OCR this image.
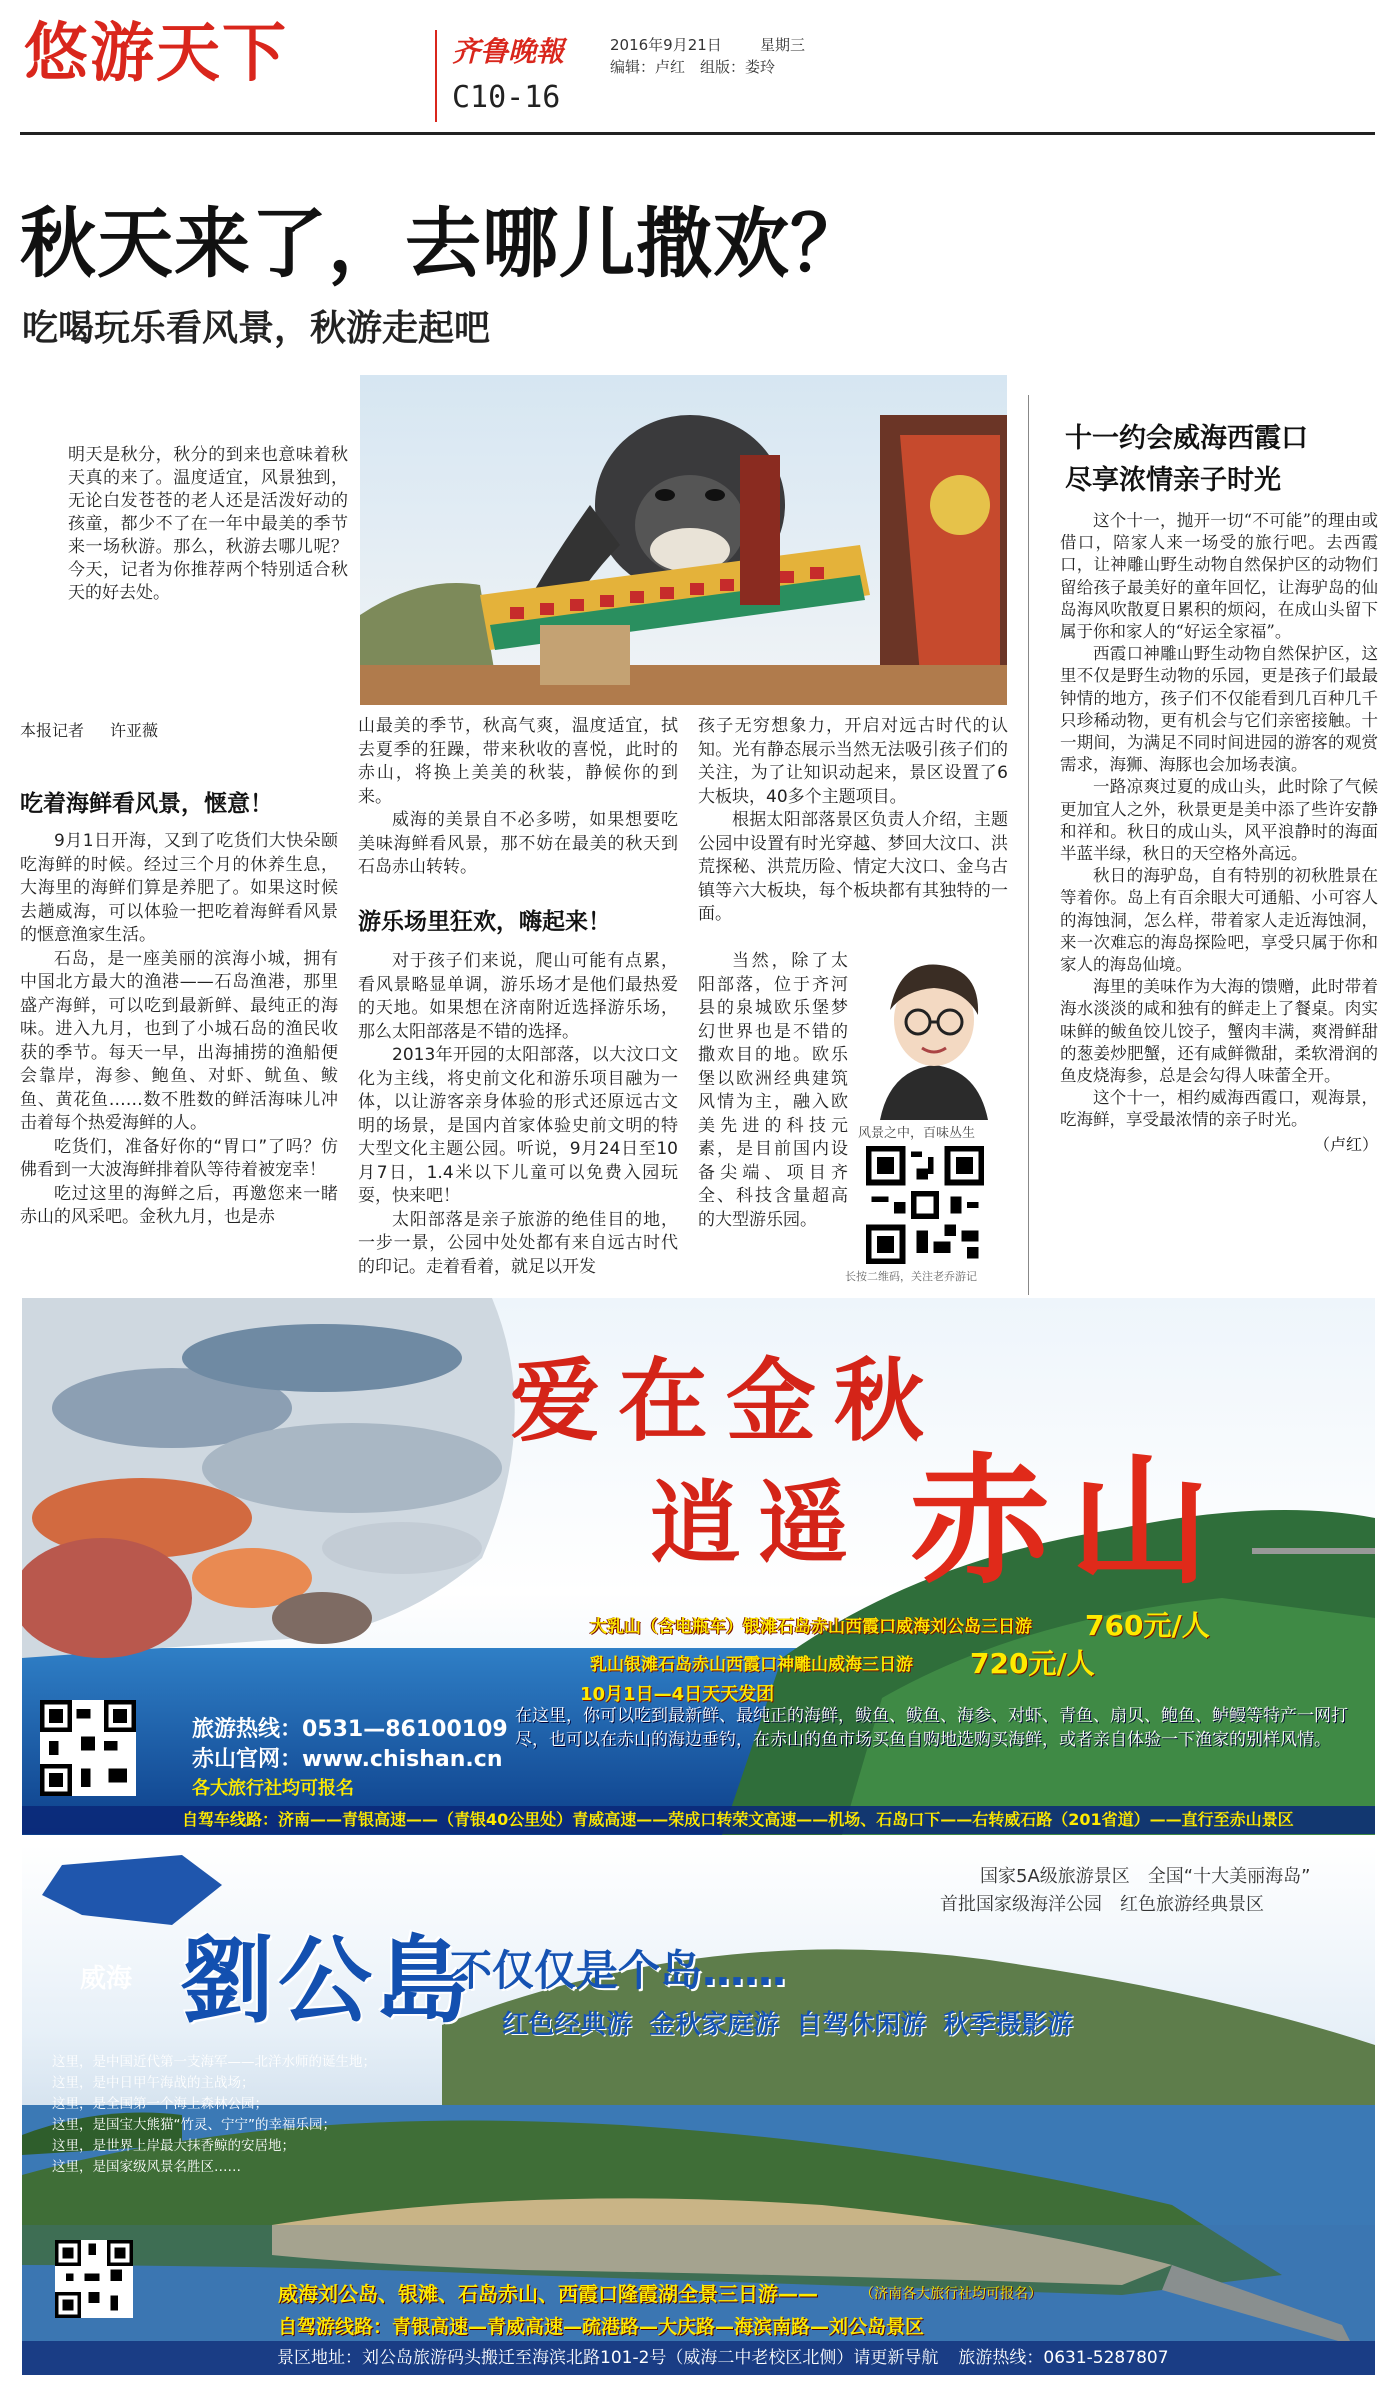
悠游天下	齐鲁晚報	2016年9月21日	星期三
编辑：卢红 组版：娄玲
C10-16
秋天来了，去哪儿撒欢？
吃喝玩乐看风景，秋游走起吧
明天是秋分，秋分的到来也意味着秋天真的来了。温度适宜，风景独到，无论白发苍苍的老人还是活泼好动的孩童，都少不了在一年中最美的季节来一场秋游。那么，秋游去哪儿呢？今天，记者为你推荐两个特别适合秋天的好去处。
本报记者 许亚薇
吃着海鲜看风景，惬意！

9月1日开海，又到了吃货们大快朵颐吃海鲜的时候。经过三个月的休养生息，大海里的海鲜们算是养肥了。如果这时候去趟威海，可以体验一把吃着海鲜看风景的惬意渔家生活。

石岛，是一座美丽的滨海小城，拥有中国北方最大的渔港——石岛渔港，那里盛产海鲜，可以吃到最新鲜、最纯正的海味。进入九月，也到了小城石岛的渔民收获的季节。每天一早，出海捕捞的渔船便会靠岸，海参、鲍鱼、对虾、鱿鱼、鲅鱼、黄花鱼……数不胜数的鲜活海味儿冲击着每个热爱海鲜的人。

吃货们，准备好你的“胃口”了吗？仿佛看到一大波海鲜排着队等待着被宠幸！

吃过这里的海鲜之后，再邀您来一睹赤山的风采吧。金秋九月，也是赤

山最美的季节，秋高气爽，温度适宜，拭去夏季的狂躁，带来秋收的喜悦，此时的赤山，将换上美美的秋装，静候你的到来。

威海的美景自不必多唠，如果想要吃美味海鲜看风景，那不妨在最美的秋天到石岛赤山转转。

游乐场里狂欢，嗨起来！

对于孩子们来说，爬山可能有点累，看风景略显单调，游乐场才是他们最热爱的天地。如果想在济南附近选择游乐场，那么太阳部落是不错的选择。

2013年开园的太阳部落，以大汶口文化为主线，将史前文化和游乐项目融为一体，以让游客亲身体验的形式还原远古文明的场景，是国内首家体验史前文明的特大型文化主题公园。听说，9月24日至10月7日，1.4米以下儿童可以免费入园玩耍，快来吧！

太阳部落是亲子旅游的绝佳目的地，一步一景，公园中处处都有来自远古时代的印记。走着看着，就足以开发

孩子无穷想象力，开启对远古时代的认知。光有静态展示当然无法吸引孩子们的关注，为了让知识动起来，景区设置了6大板块，40多个主题项目。

根据太阳部落景区负责人介绍，主题公园中设置有时光穿越、梦回大汶口、洪荒探秘、洪荒历险、情定大汶口、金乌古镇等六大板块，每个板块都有其独特的一面。

当然，除了太阳部落，位于齐河县的泉城欧乐堡梦幻世界也是不错的撒欢目的地。欧乐堡以欧洲经典建筑风情为主，融入欧美先进的科技元素，是目前国内设备尖端、项目齐全、科技含量超高的大型游乐园。

风景之中，百味丛生
长按二维码，关注老乔游记
十一约会威海西霞口
尽享浓情亲子时光

这个十一，抛开一切“不可能”的理由或借口，陪家人来一场受的旅行吧。去西霞口，让神雕山野生动物自然保护区的动物们留给孩子最美好的童年回忆，让海驴岛的仙岛海风吹散夏日累积的烦闷，在成山头留下属于你和家人的“好运全家福”。

西霞口神雕山野生动物自然保护区，这里不仅是野生动物的乐园，更是孩子们最最钟情的地方，孩子们不仅能看到几百种几千只珍稀动物，更有机会与它们亲密接触。十一期间，为满足不同时间进园的游客的观赏需求，海狮、海豚也会加场表演。

一路凉爽过夏的成山头，此时除了气候更加宜人之外，秋景更是美中添了些许安静和祥和。秋日的成山头，风平浪静时的海面半蓝半绿，秋日的天空格外高远。

秋日的海驴岛，自有特别的初秋胜景在等着你。岛上有百余眼大可通船、小可容人的海蚀洞，怎么样，带着家人走近海蚀洞，来一次难忘的海岛探险吧，享受只属于你和家人的海岛仙境。

海里的美味作为大海的馈赠，此时带着海水淡淡的咸和独有的鲜走上了餐桌。肉实味鲜的鲅鱼饺儿饺子，蟹肉丰满，爽滑鲜甜的葱姜炒肥蟹，还有咸鲜微甜，柔软滑润的鱼皮烧海参，总是会勾得人味蕾全开。

这个十一，相约威海西霞口，观海景，吃海鲜，享受最浓情的亲子时光。

（卢红）
爱在金秋
逍遥 赤山
大乳山（含电瓶车）银滩石岛赤山西霞口威海刘公岛三日游 760元/人
乳山银滩石岛赤山西霞口神雕山威海三日游 720元/人
10月1日—4日天天发团
旅游热线：0531—86100109
赤山官网：www.chishan.cn
各大旅行社均可报名
在这里，你可以吃到最新鲜、最纯正的海鲜，鲅鱼、鲅鱼、海参、对虾、青鱼、扇贝、鲍鱼、鲈鳗等特产一网打尽，也可以在赤山的海边垂钓，在赤山的鱼市场买鱼自购地选购买海鲜，或者亲自体验一下渔家的别样风情。
自驾车线路：济南——青银高速——（青银40公里处）青威高速——荣成口转荣文高速——机场、石岛口下——右转威石路（201省道）——直行至赤山景区
国家5A级旅游景区　全国“十大美丽海岛”
首批国家级海洋公园　红色旅游经典景区
威海 劉公島
不仅仅是个岛……
红色经典游 金秋家庭游 自驾休闲游 秋季摄影游
这里，是中国近代第一支海军——北洋水师的诞生地；
这里，是中日甲午海战的主战场；
这里，是全国第一个海上森林公园；
这里，是国宝大熊猫“竹灵、宁宁”的幸福乐园；
这里，是世界上岸最大抹香鲸的安居地；
这里，是国家级风景名胜区……
威海刘公岛、银滩、石岛赤山、西霞口隆霞湖全景三日游——	（济南各大旅行社均可报名）
自驾游线路：青银高速—青威高速—疏港路—大庆路—海滨南路—刘公岛景区
景区地址：刘公岛旅游码头搬迁至海滨北路101-2号（威海二中老校区北侧）请更新导航 旅游热线：0631-5287807
